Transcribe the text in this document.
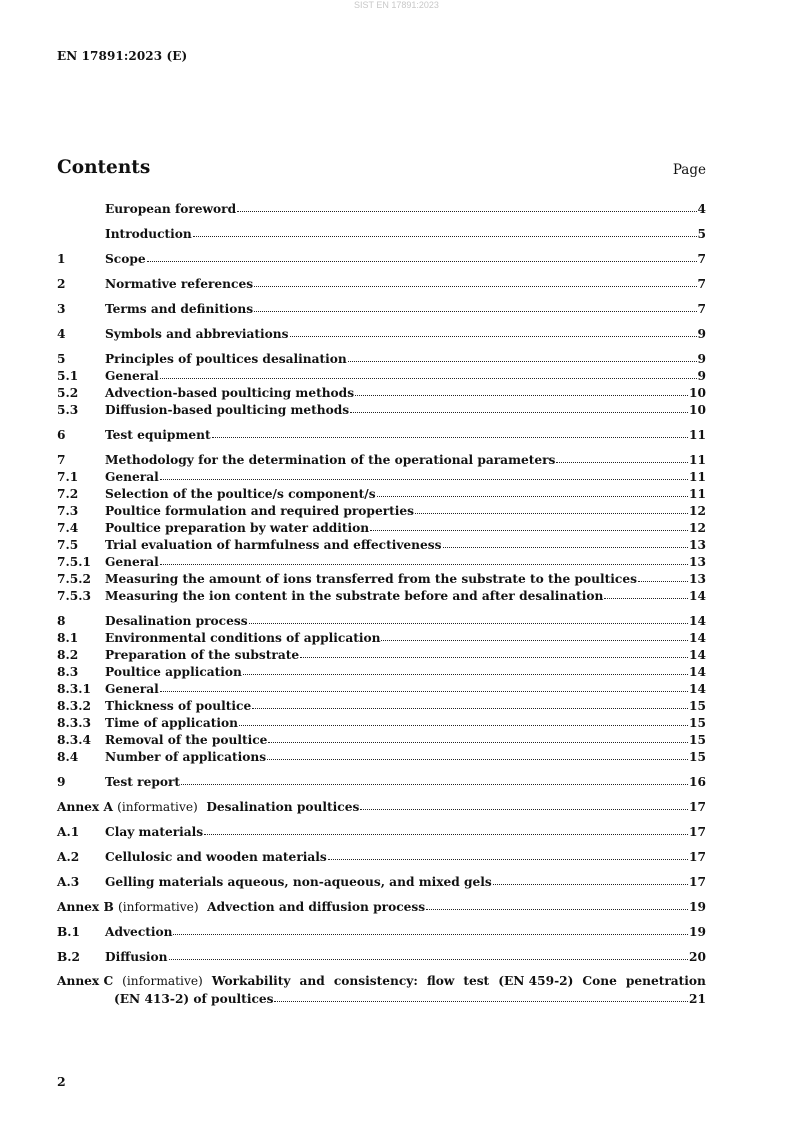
SIST EN 17891:2023
EN 17891:2023 (E)
Contents	Page
European foreword	4
Introduction	5
1	Scope	7
2	Normative references	7
3	Terms and definitions	7
4	Symbols and abbreviations	9
5	Principles of poultices desalination	9
5.1	General	9
5.2	Advection-based poulticing methods	10
5.3	Diffusion-based poulticing methods	10
6	Test equipment	11
7	Methodology for the determination of the operational parameters	11
7.1	General	11
7.2	Selection of the poultice/s component/s	11
7.3	Poultice formulation and required properties	12
7.4	Poultice preparation by water addition	12
7.5	Trial evaluation of harmfulness and effectiveness	13
7.5.1	General	13
7.5.2	Measuring the amount of ions transferred from the substrate to the poultices	13
7.5.3	Measuring the ion content in the substrate before and after desalination	14
8	Desalination process	14
8.1	Environmental conditions of application	14
8.2	Preparation of the substrate	14
8.3	Poultice application	14
8.3.1	General	14
8.3.2	Thickness of poultice	15
8.3.3	Time of application	15
8.3.4	Removal of the poultice	15
8.4	Number of applications	15
9	Test report	16
Annex A (informative) Desalination poultices	17
A.1	Clay materials	17
A.2	Cellulosic and wooden materials	17
A.3	Gelling materials aqueous, non-aqueous, and mixed gels	17
Annex B (informative) Advection and diffusion process	19
B.1	Advection	19
B.2	Diffusion	20
Annex C (informative) Workability and consistency: flow test (EN 459-2) Cone penetration
(EN 413-2) of poultices	21
2
